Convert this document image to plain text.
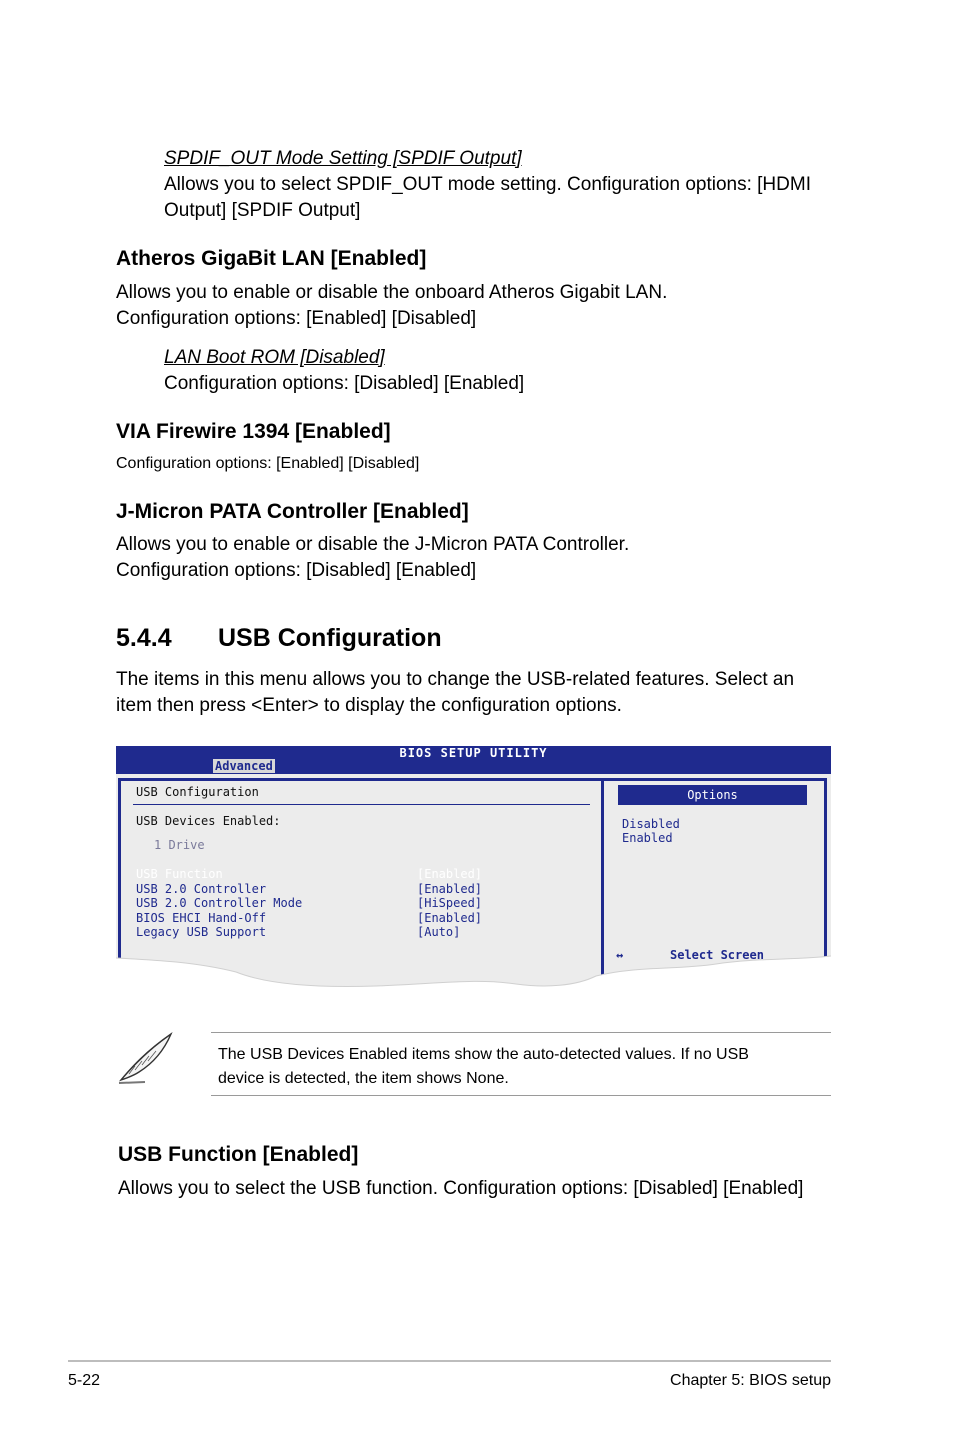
SPDIF_OUT Mode Setting [SPDIF Output]
Allows you to select SPDIF_OUT mode setting. Configuration options: [HDMI
Output] [SPDIF Output]
Atheros GigaBit LAN [Enabled]
Allows you to enable or disable the onboard Atheros Gigabit LAN.
Configuration options: [Enabled] [Disabled]
LAN Boot ROM [Disabled]
Configuration options: [Disabled] [Enabled]
VIA Firewire 1394 [Enabled]
Configuration options: [Enabled] [Disabled]
J-Micron PATA Controller [Enabled]
Allows you to enable or disable the J-Micron PATA Controller.
Configuration options: [Disabled] [Enabled]
5.4.4 USB Configuration
The items in this menu allows you to change the USB-related features. Select an
item then press <Enter> to display the configuration options.
BIOS SETUP UTILITY
Advanced
USB Configuration
USB Devices Enabled:
1 Drive
USB Function	[Enabled]
USB 2.0 Controller	[Enabled]
USB 2.0 Controller Mode	[HiSpeed]
BIOS EHCI Hand-Off	[Enabled]
Legacy USB Support	[Auto]
Options
Disabled
Enabled
↔	Select Screen
The USB Devices Enabled items show the auto-detected values. If no USB
device is detected, the item shows None.
USB Function [Enabled]
Allows you to select the USB function. Configuration options: [Disabled] [Enabled]
5-22	Chapter 5: BIOS setup
